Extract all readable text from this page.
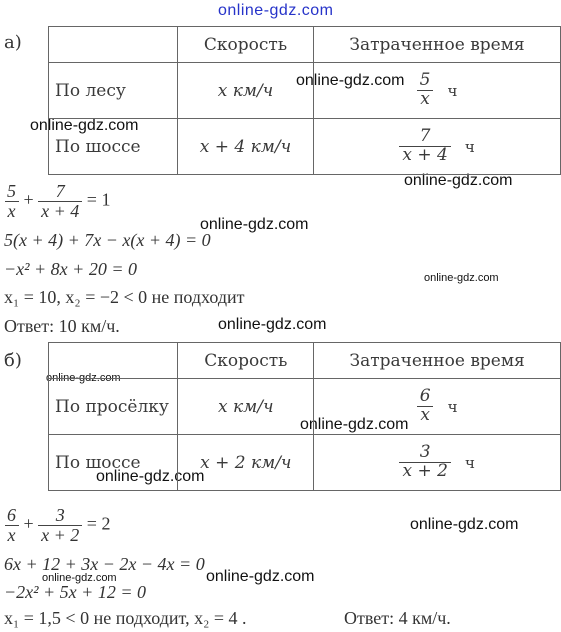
online-gdz.com
online-gdz.com
online-gdz.com
online-gdz.com
online-gdz.com
online-gdz.com
online-gdz.com
online-gdz.com
online-gdz.com
online-gdz.com
online-gdz.com
online-gdz.com	online-gdz.com
а)
		Скорость	Затраченное время
По лесу	x км/ч	$\frac{5}{x}$ ч

По шоссе	x + 4 км/ч	$\frac{7}{x + 4}$ ч
$\frac{5}{x} + \frac{7}{x + 4} = 1$
5(x + 4) + 7x − x(x + 4) = 0
−x² + 8x + 20 = 0
x₁ = 10, x₂ = −2 < 0 не подходит
Ответ: 10 км/ч.
б)
		Скорость	Затраченное время
По просёлку	x км/ч	$\frac{6}{x}$ ч

По шоссе	x + 2 км/ч	$\frac{3}{x + 2}$ ч
$\frac{6}{x} + \frac{3}{x + 2} = 2$
6x + 12 + 3x − 2x − 4x = 0
−2x² + 5x + 12 = 0
x₁ = 1,5 < 0 не подходит, x₂ = 4 .	Ответ: 4 км/ч.
